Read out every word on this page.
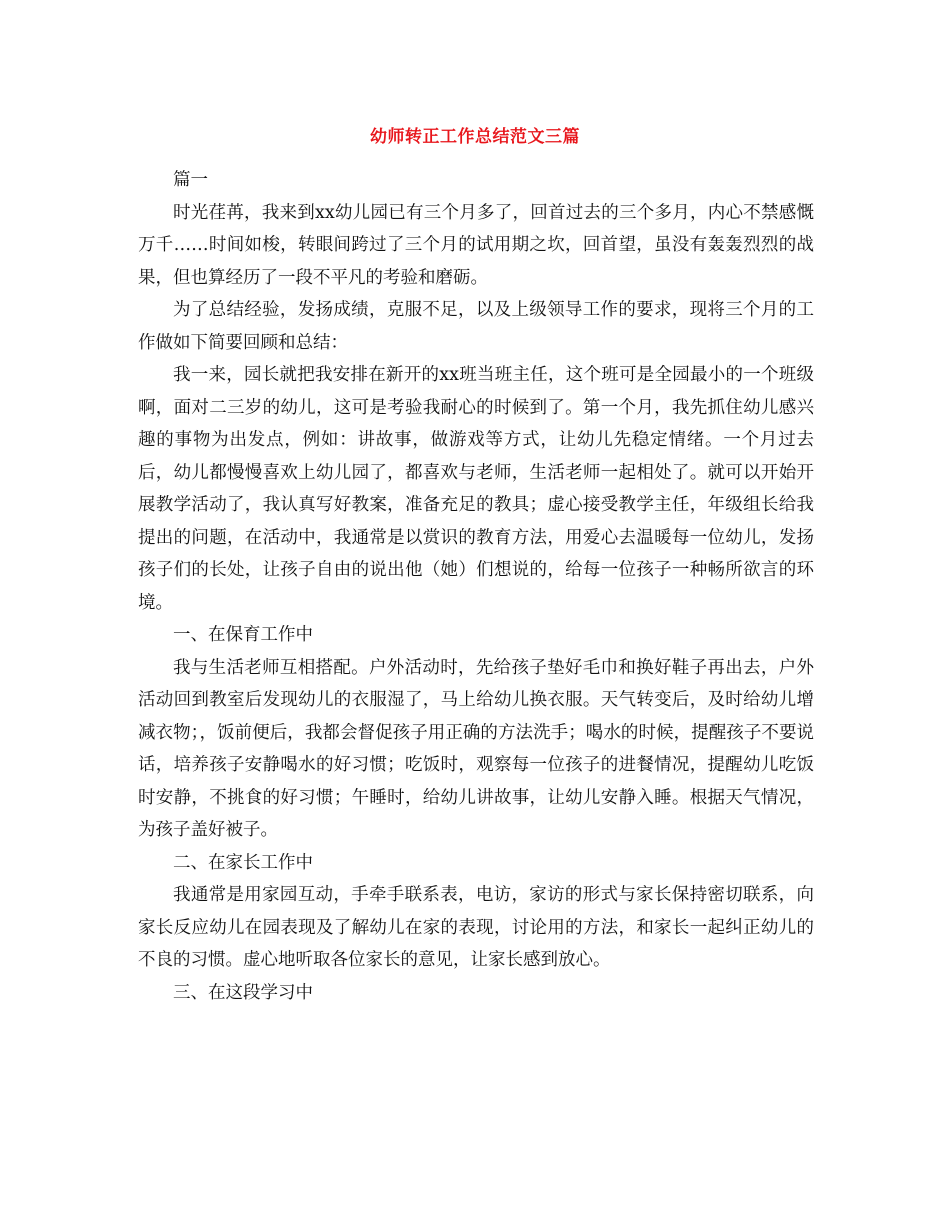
幼师转正工作总结范文三篇

篇一

时光荏苒，我来到xx幼儿园已有三个月多了，回首过去的三个多月，内心不禁感慨万千……时间如梭，转眼间跨过了三个月的试用期之坎，回首望，虽没有轰轰烈烈的战果，但也算经历了一段不平凡的考验和磨砺。

为了总结经验，发扬成绩，克服不足，以及上级领导工作的要求，现将三个月的工作做如下简要回顾和总结：

我一来，园长就把我安排在新开的xx班当班主任，这个班可是全园最小的一个班级啊，面对二三岁的幼儿，这可是考验我耐心的时候到了。第一个月，我先抓住幼儿感兴趣的事物为出发点，例如：讲故事，做游戏等方式，让幼儿先稳定情绪。一个月过去后，幼儿都慢慢喜欢上幼儿园了，都喜欢与老师，生活老师一起相处了。就可以开始开展教学活动了，我认真写好教案，准备充足的教具；虚心接受教学主任，年级组长给我提出的问题，在活动中，我通常是以赏识的教育方法，用爱心去温暖每一位幼儿，发扬孩子们的长处，让孩子自由的说出他（她）们想说的，给每一位孩子一种畅所欲言的环境。

一、在保育工作中

我与生活老师互相搭配。户外活动时，先给孩子垫好毛巾和换好鞋子再出去，户外活动回到教室后发现幼儿的衣服湿了，马上给幼儿换衣服。天气转变后，及时给幼儿增减衣物；，饭前便后，我都会督促孩子用正确的方法洗手；喝水的时候，提醒孩子不要说话，培养孩子安静喝水的好习惯；吃饭时，观察每一位孩子的进餐情况，提醒幼儿吃饭时安静，不挑食的好习惯；午睡时，给幼儿讲故事，让幼儿安静入睡。根据天气情况，为孩子盖好被子。

二、在家长工作中

我通常是用家园互动，手牵手联系表，电访，家访的形式与家长保持密切联系，向家长反应幼儿在园表现及了解幼儿在家的表现，讨论用的方法，和家长一起纠正幼儿的不良的习惯。虚心地听取各位家长的意见，让家长感到放心。

三、在这段学习中
